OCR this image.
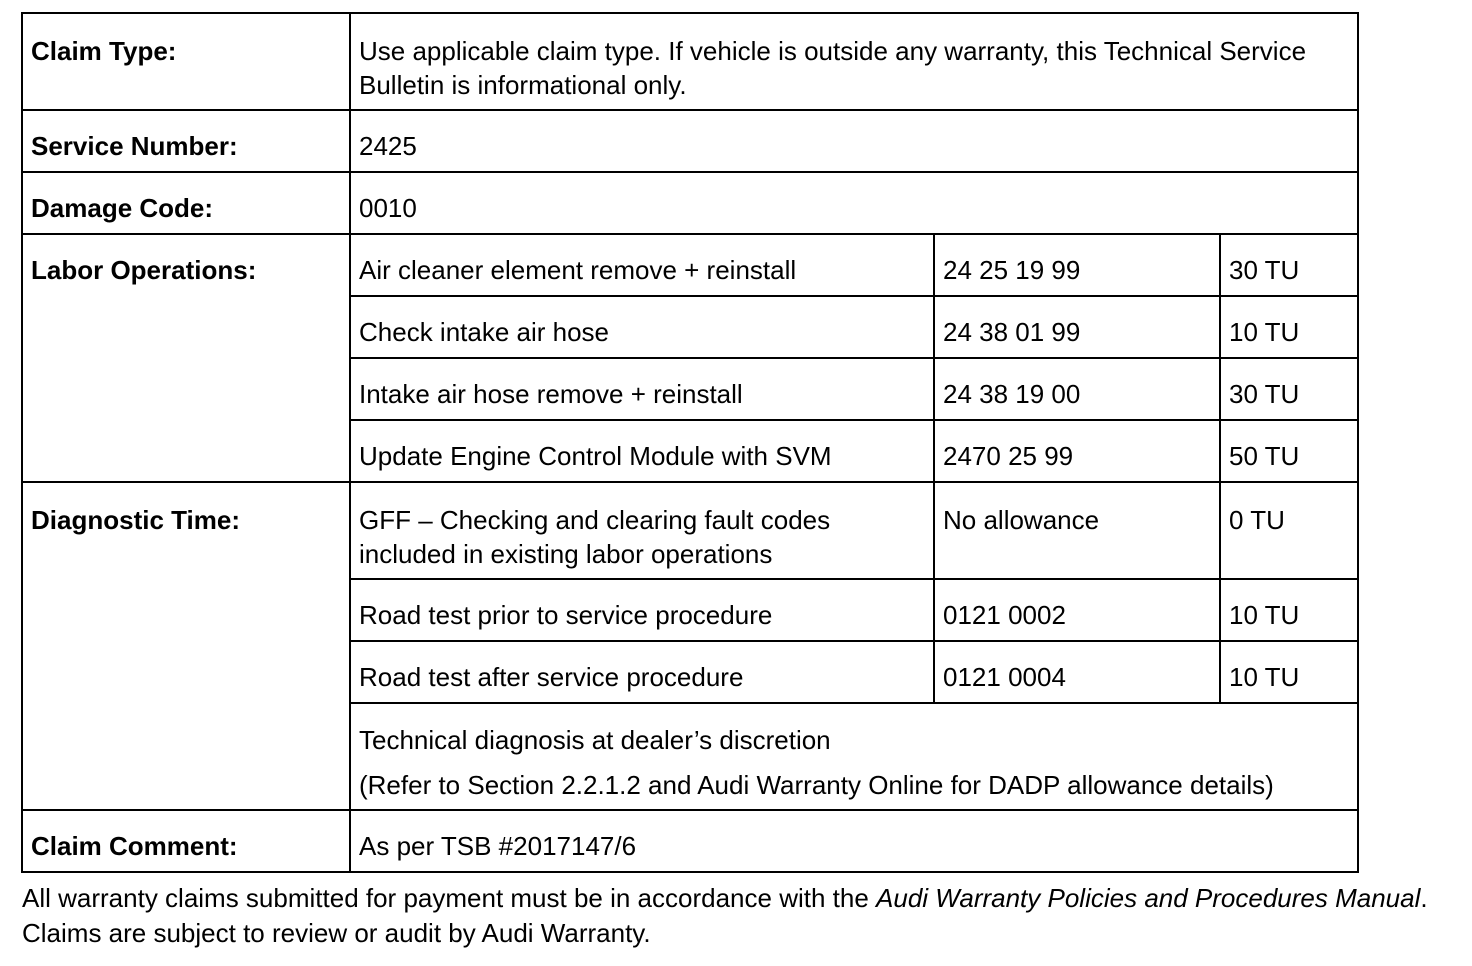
Claim Type:	Use applicable claim type. If vehicle is outside any warranty, this Technical Service Bulletin is informational only.		
Service Number:	2425		
Damage Code:	0010		
Labor Operations:	Air cleaner element remove + reinstall	24 25 19 99	30 TU
	Check intake air hose	24 38 01 99	10 TU
	Intake air hose remove + reinstall	24 38 19 00	30 TU
	Update Engine Control Module with SVM	2470 25 99	50 TU
Diagnostic Time:	GFF – Checking and clearing fault codes included in existing labor operations	No allowance	0 TU
	Road test prior to service procedure	0121 0002	10 TU
	Road test after service procedure	0121 0004	10 TU
	Technical diagnosis at dealer’s discretion
(Refer to Section 2.2.1.2 and Audi Warranty Online for DADP allowance details)		

Claim Comment:	As per TSB #2017147/6		
All warranty claims submitted for payment must be in accordance with the Audi Warranty Policies and Procedures Manual. Claims are subject to review or audit by Audi Warranty.
